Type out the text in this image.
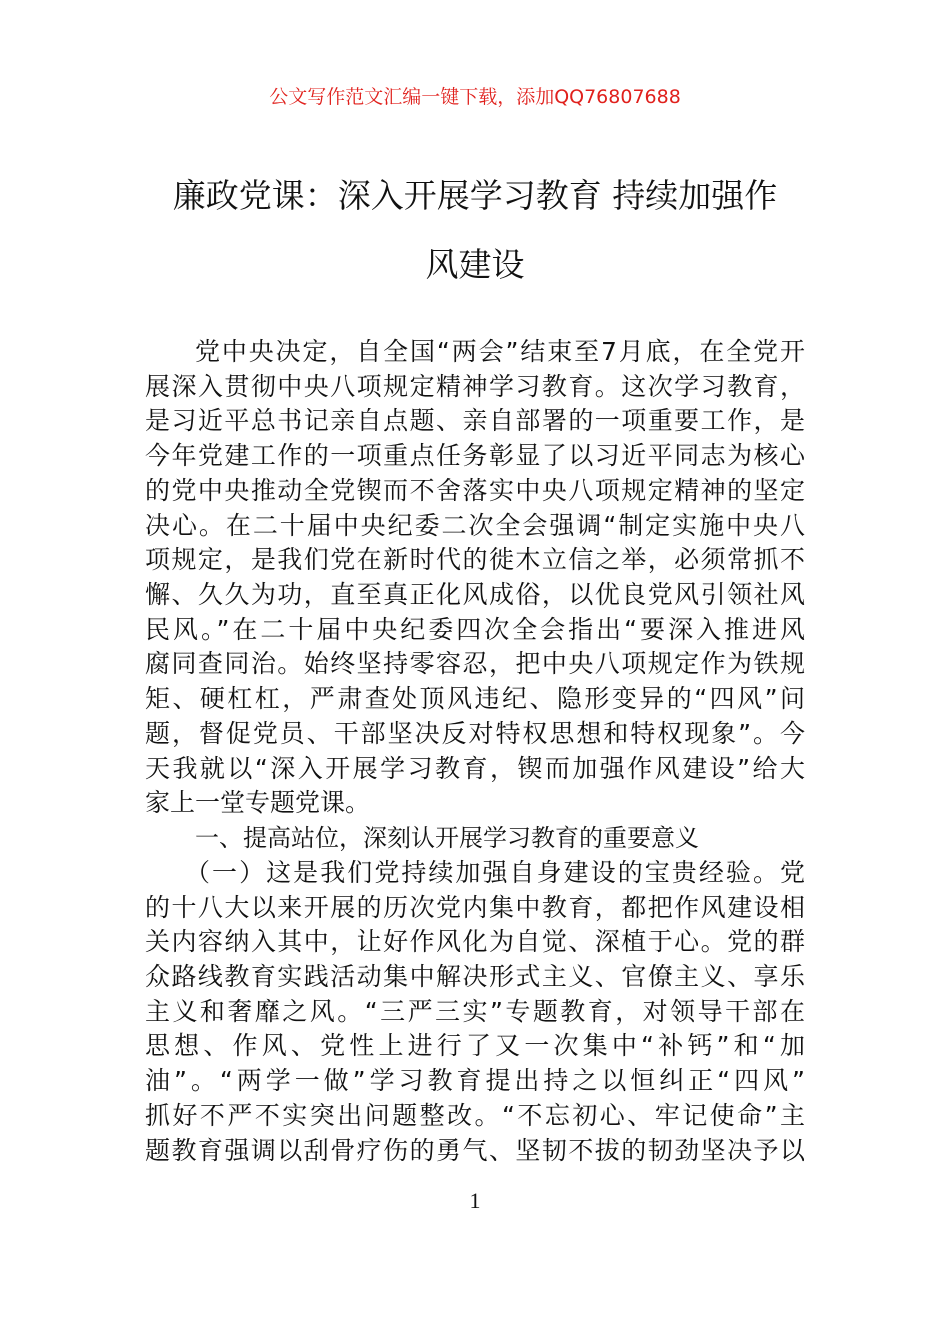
公文写作范文汇编一键下载，添加QQ76807688
廉政党课：深入开展学习教育 持续加强作
风建设
党中央决定，自全国“两会”结束至7月底，在全党开
展深入贯彻中央八项规定精神学习教育。这次学习教育，
是习近平总书记亲自点题、亲自部署的一项重要工作，是
今年党建工作的一项重点任务彰显了以习近平同志为核心
的党中央推动全党锲而不舍落实中央八项规定精神的坚定
决心。在二十届中央纪委二次全会强调“制定实施中央八
项规定，是我们党在新时代的徙木立信之举，必须常抓不
懈、久久为功，直至真正化风成俗，以优良党风引领社风
民风。”在二十届中央纪委四次全会指出“要深入推进风
腐同查同治。始终坚持零容忍，把中央八项规定作为铁规
矩、硬杠杠，严肃查处顶风违纪、隐形变异的“四风”问
题，督促党员、干部坚决反对特权思想和特权现象”。今
天我就以“深入开展学习教育，锲而加强作风建设”给大
家上一堂专题党课。
一、提高站位，深刻认开展学习教育的重要意义
（一）这是我们党持续加强自身建设的宝贵经验。党
的十八大以来开展的历次党内集中教育，都把作风建设相
关内容纳入其中，让好作风化为自觉、深植于心。党的群
众路线教育实践活动集中解决形式主义、官僚主义、享乐
主义和奢靡之风。“三严三实”专题教育，对领导干部在
思想、作风、党性上进行了又一次集中“补钙”和“加
油”。“两学一做”学习教育提出持之以恒纠正“四风”
抓好不严不实突出问题整改。“不忘初心、牢记使命”主
题教育强调以刮骨疗伤的勇气、坚韧不拔的韧劲坚决予以
1
